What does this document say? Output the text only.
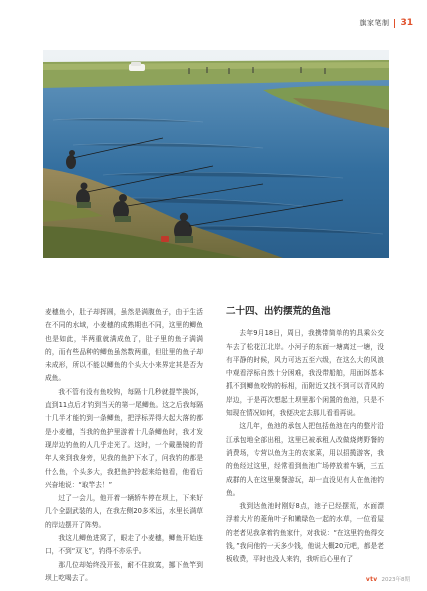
旗家笔制 31

麦穗鱼小，肚子却挥圆，虽然是满腹鱼子，由于生活在不同的水域，小麦穗的成熟期也不同，这里的鲫鱼也是如此，半两重就满成鱼了，肚子里的鱼子满满的，而有些品种的鲫鱼虽然数两重，但肚里的鱼子却未成形，所以不能以鲫鱼的个头大小来界定其是否为成鱼。

我不管有没有鱼咬钩，每隔十几秒就提竿换饵，直到11点后才钓到当天的第一尾鲫鱼。这之后我每隔十几半才能钓到一条鲫鱼，把浮标弄得大起大落的都是小麦穗，当我的鱼护里游着十几条鲫鱼时，我才发现岸边钓鱼的人几乎走光了。这时，一个戴墨镜的青年人来到我身旁，见我的鱼护下水了，问我钓的都是什么鱼，个头多大，我把鱼护拎起来给他看，他看后兴奋地说：“取竿去！”

过了一会儿，他开着一辆轿车停在坝上，下来好几个全副武装的人，在我左侧20多米远，水里长满草的岸边摆开了阵势。

我这儿鲫鱼进窝了，眼走了小麦穗，鲫鱼开始连口，不到“双飞”，钓得不亦乐乎。

那几位却始终没开张，耐不住寂寞，挪下鱼竿到坝上吃喝去了。

二十四、出钓摆荒的鱼池

去年9月18日，周日，我携带简单的钓具乘公交车去了松花江北岸。小河子的东面一塘离过一塘，没有平静的时候，风力可达五至六级，在这么大的风浪中观看浮标自然十分困难，我没带船舶，用面饵基本抓不到鲫鱼咬钩的标相，而附近又找不到可以背风的岸边，于是再次想起土坝里那个闲置的鱼池，只是不知现在情况如何，我便决定去那儿看看再说。

这几年，鱼池的承包人把包括鱼池在内的整片沿江承包地全部出租，这里已被承租人改做烧烤野餐的消费场，专营以鱼为主的农家菜，用以招揽游客，我的鱼经过这里，经常看到鱼池广场停放着车辆，三五成群的人在这里聚餐游玩，却一直没见有人在鱼池钓鱼。

我到达鱼池时刚好8点，池子已经摆荒，水面漂浮着大片的菱角叶子和嫩绿色一起的水草，一位看屋的老者见我拿着钓鱼家什，对我说：“在这里钓鱼得交钱，”我问他钓一天多少钱，他说大概20元吧，都是老板收费，平时也没人来钓，我听后心里有了

vtv 2023年8期
